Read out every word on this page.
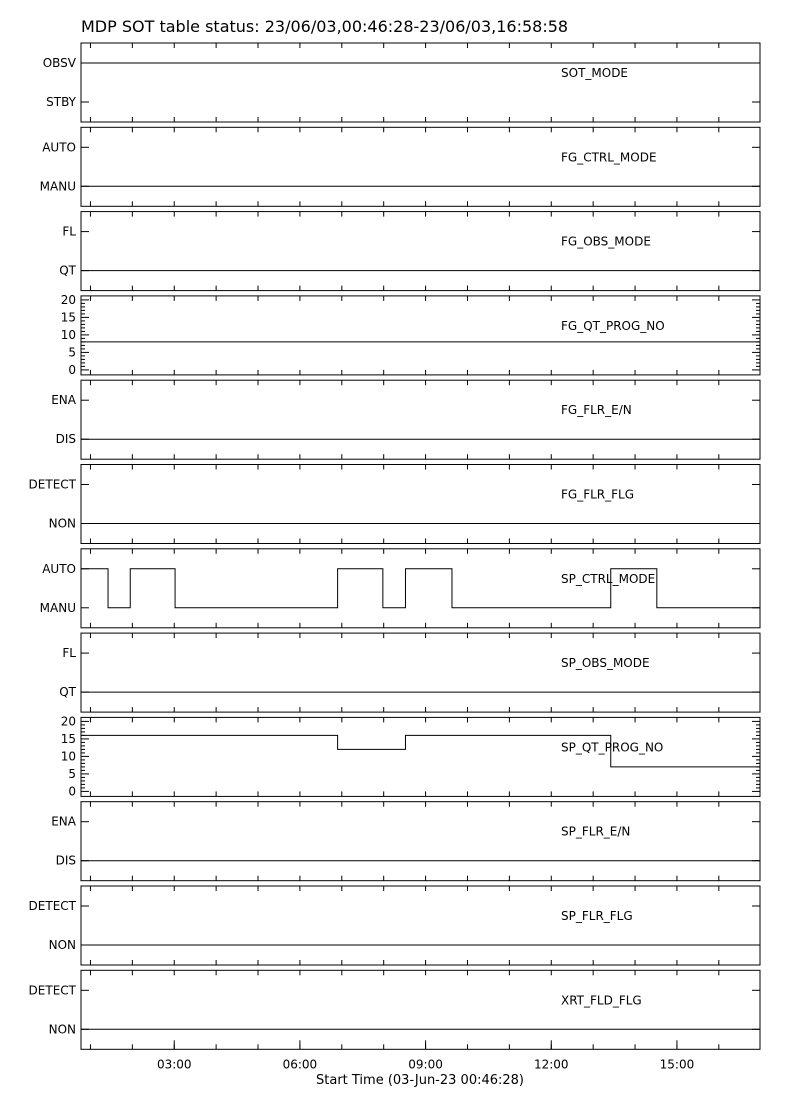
MDP SOT table status: 23/06/03,00:46:28-23/06/03,16:58:58
OBSV
STBY
SOT_MODE
AUTO
MANU
FG_CTRL_MODE
FL
QT
FG_OBS_MODE
0
5
10
15
20
FG_QT_PROG_NO
ENA
DIS
FG_FLR_E/N
DETECT
NON
FG_FLR_FLG
AUTO
MANU
SP_CTRL_MODE
FL
QT
SP_OBS_MODE
0
5
10
15
20
SP_QT_PROG_NO
ENA
DIS
SP_FLR_E/N
DETECT
NON
SP_FLR_FLG
DETECT
NON
XRT_FLD_FLG
03:00	06:00	09:00	12:00	15:00
Start Time (03-Jun-23 00:46:28)
